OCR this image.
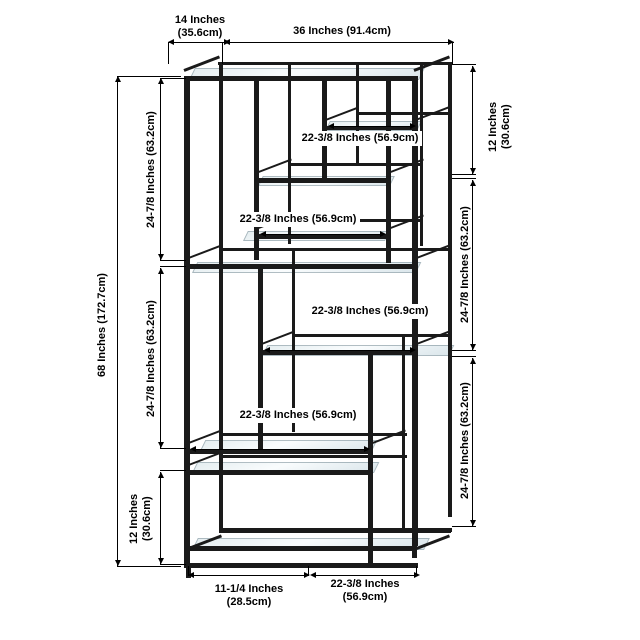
14 Inches
(35.6cm)	36 Inches (91.4cm)
68 Inches (172.7cm)
24-7/8 Inches (63.2cm)
24-7/8 Inches (63.2cm)
12 Inches (30.6cm)
12 Inches (30.6cm)
24-7/8 Inches (63.2cm)
24-7/8 Inches (63.2cm)
22-3/8 Inches (56.9cm)
22-3/8 Inches (56.9cm)
22-3/8 Inches (56.9cm)
22-3/8 Inches (56.9cm)
11-1/4 Inches
(28.5cm)
22-3/8 Inches
(56.9cm)
